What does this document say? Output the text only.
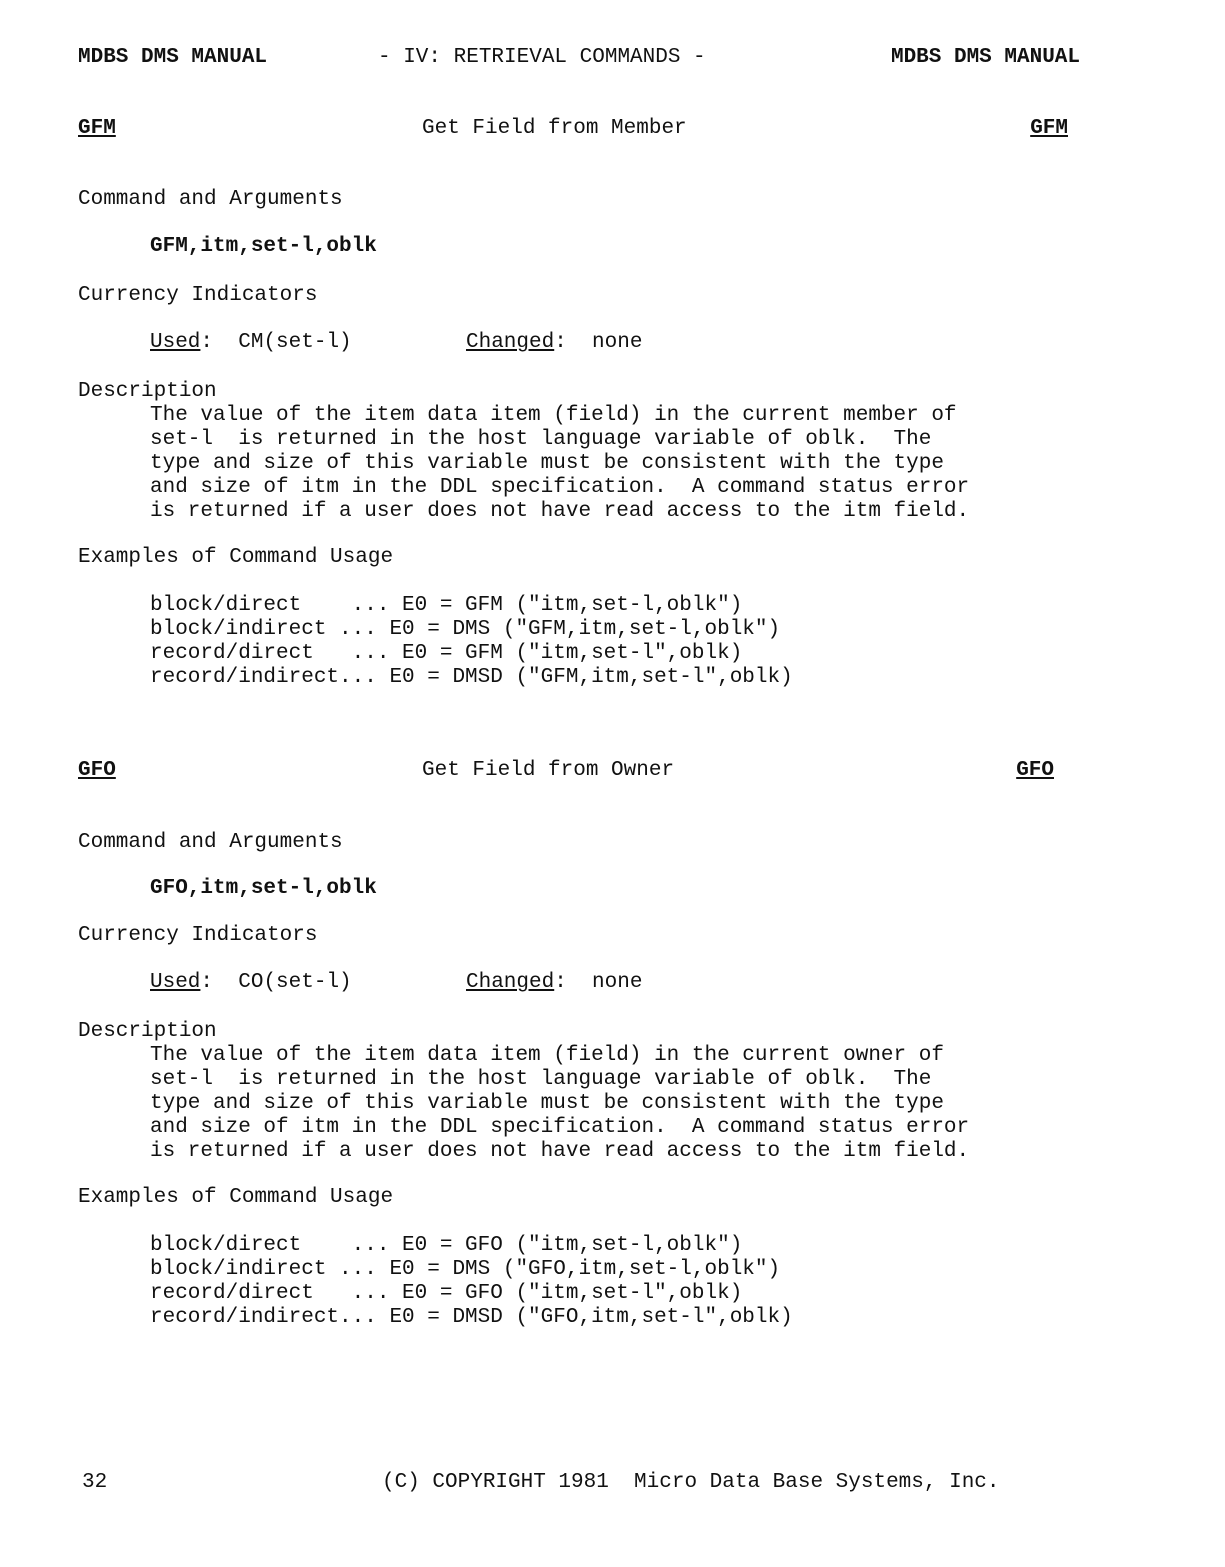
MDBS DMS MANUAL	- IV: RETRIEVAL COMMANDS -	MDBS DMS MANUAL
GFM	Get Field from Member	GFM
Command and Arguments
GFM,itm,set-l,oblk
Currency Indicators
Used:  CM(set-l)	Changed:  none
Description
The value of the item data item (field) in the current member of
set-l  is returned in the host language variable of oblk.  The
type and size of this variable must be consistent with the type
and size of itm in the DDL specification.  A command status error
is returned if a user does not have read access to the itm field.
Examples of Command Usage
block/direct    ... E0 = GFM ("itm,set-l,oblk")
block/indirect ... E0 = DMS ("GFM,itm,set-l,oblk")
record/direct   ... E0 = GFM ("itm,set-l",oblk)
record/indirect... E0 = DMSD ("GFM,itm,set-l",oblk)
GFO	Get Field from Owner	GFO
Command and Arguments
GFO,itm,set-l,oblk
Currency Indicators
Used:  CO(set-l)	Changed:  none
Description
The value of the item data item (field) in the current owner of
set-l  is returned in the host language variable of oblk.  The
type and size of this variable must be consistent with the type
and size of itm in the DDL specification.  A command status error
is returned if a user does not have read access to the itm field.
Examples of Command Usage
block/direct    ... E0 = GFO ("itm,set-l,oblk")
block/indirect ... E0 = DMS ("GFO,itm,set-l,oblk")
record/direct   ... E0 = GFO ("itm,set-l",oblk)
record/indirect... E0 = DMSD ("GFO,itm,set-l",oblk)
32	(C) COPYRIGHT 1981  Micro Data Base Systems, Inc.
